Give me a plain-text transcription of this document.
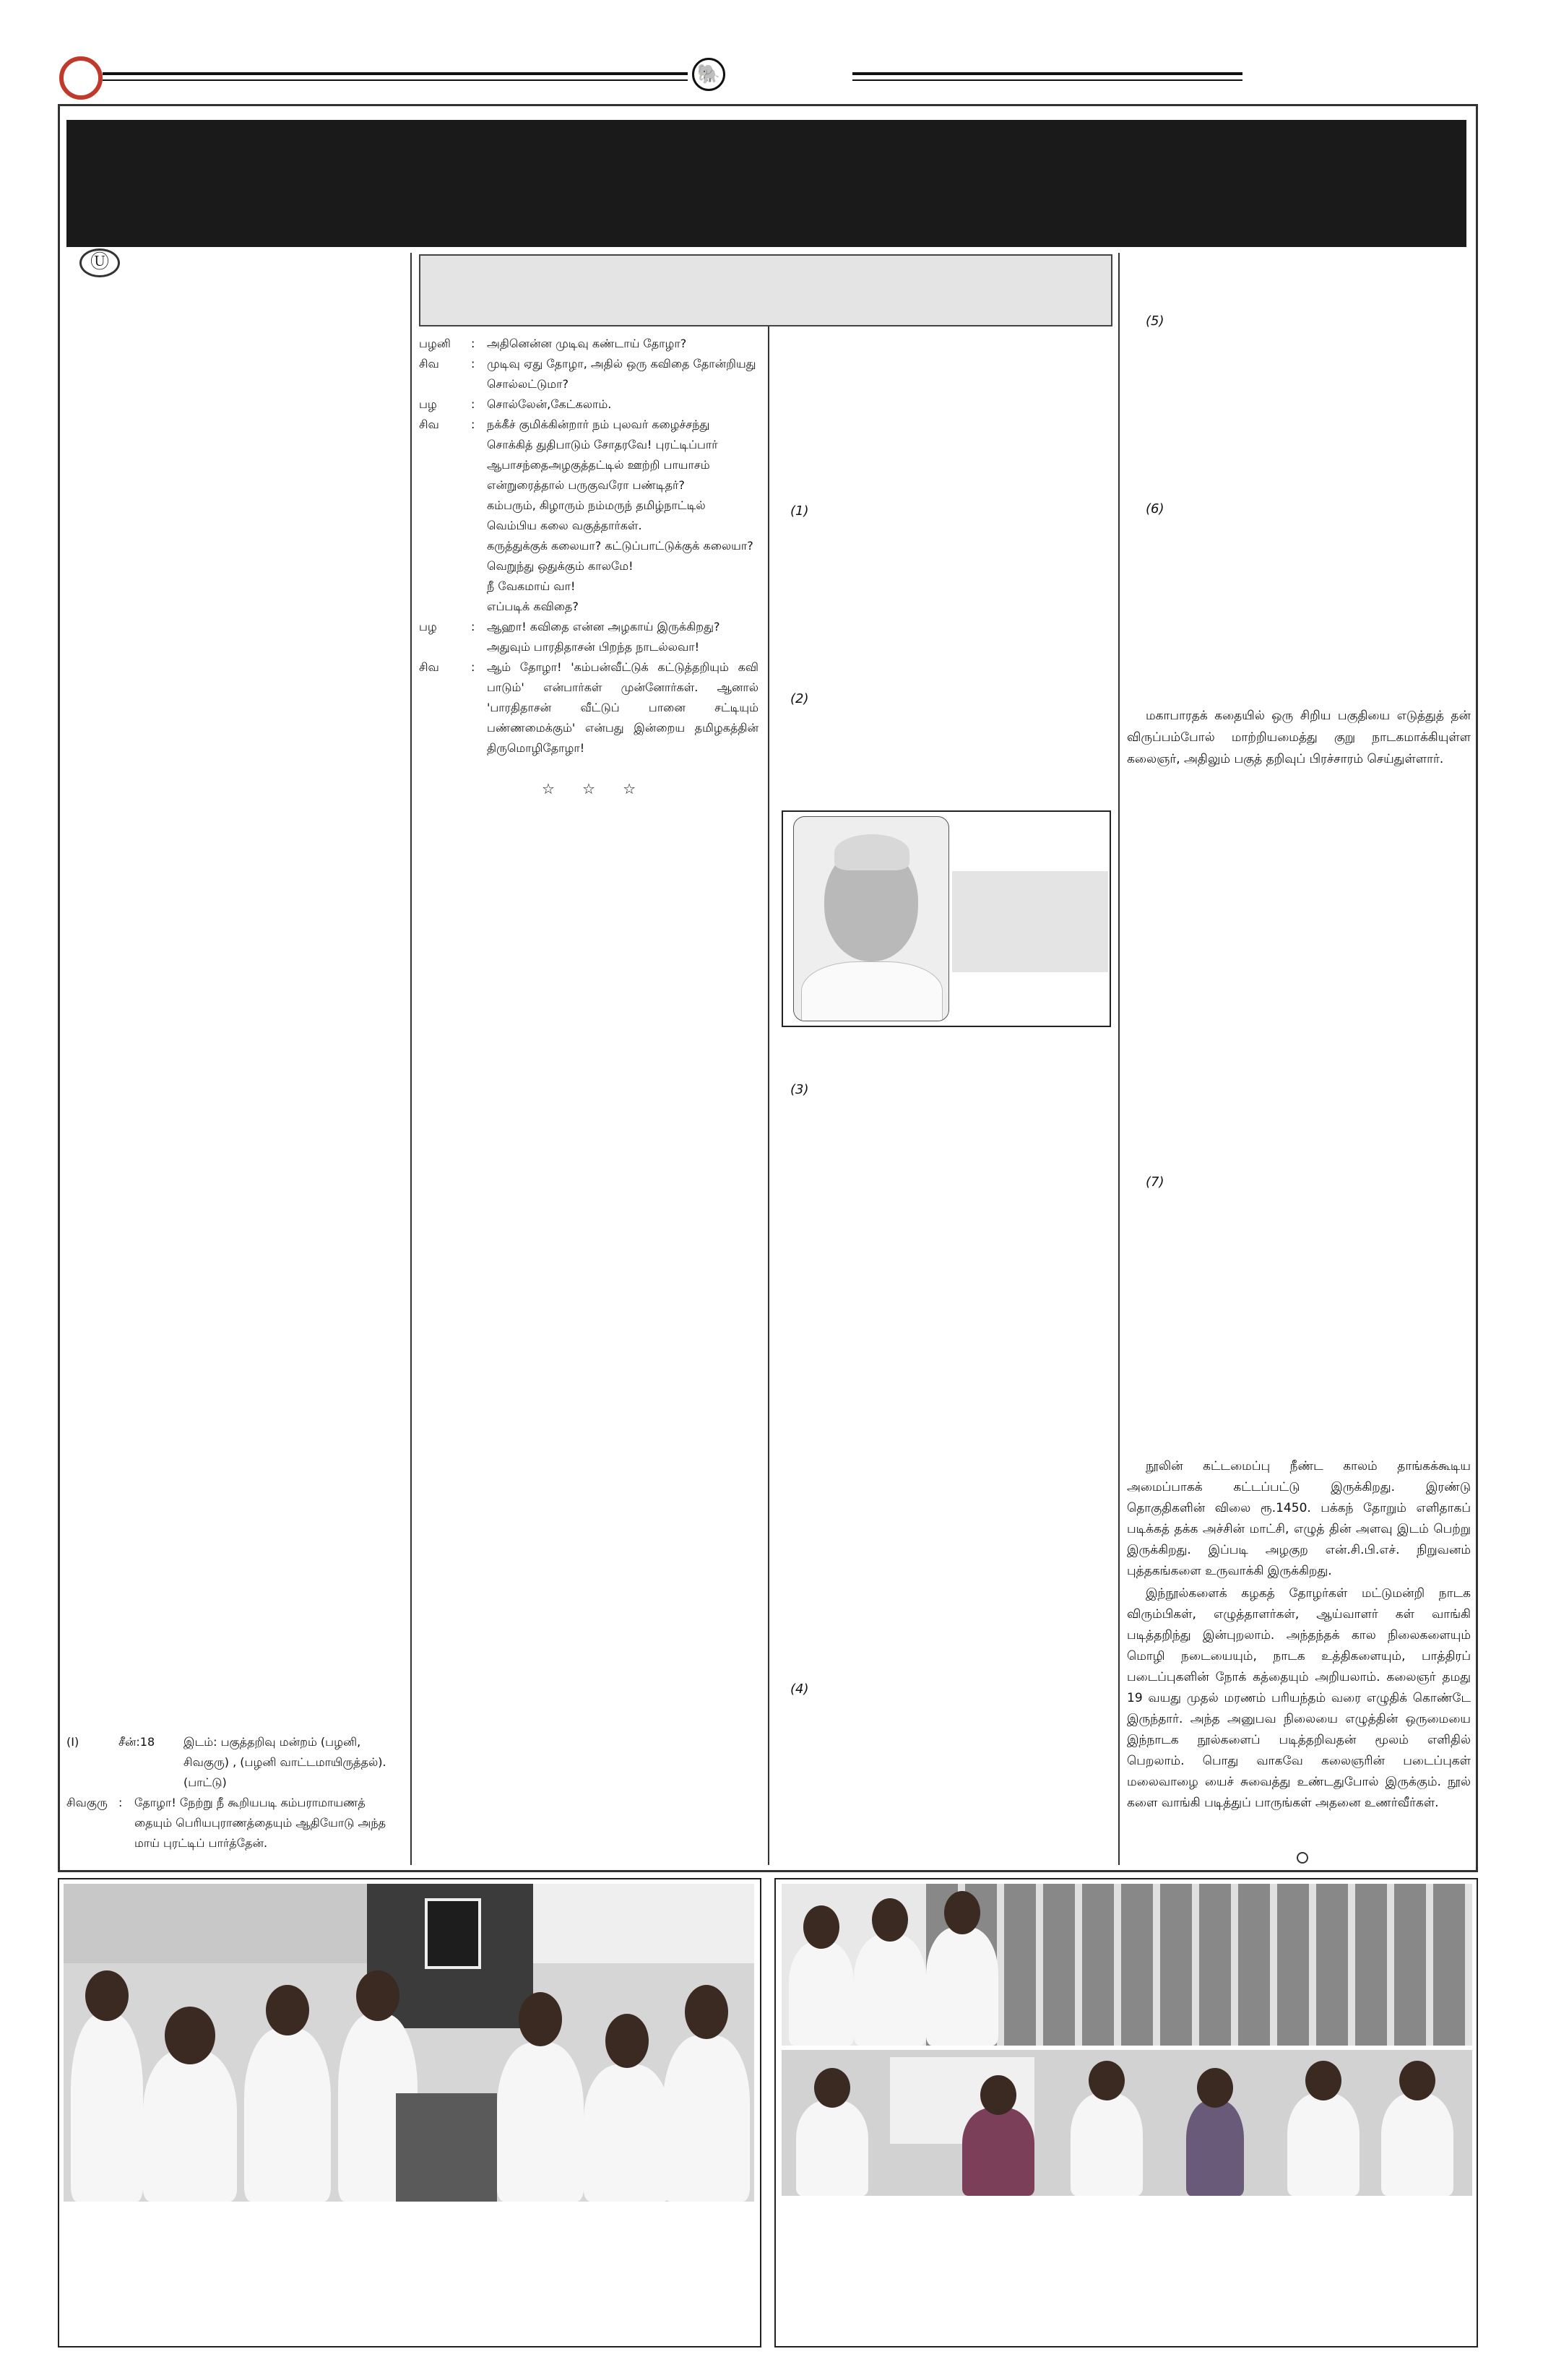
🐘
Ⓤ
(I)	சீன்:18	இடம்: பகுத்தறிவு மன்றம் (பழனி, சிவகுரு) , (பழனி வாட்டமாயிருத்தல்). (பாட்டு)
சிவகுரு :	தோழா! நேற்று நீ கூறியபடி கம்பராமாயணத் தையும் பெரியபுராணத்தையும் ஆதியோடு அந்த மாய் புரட்டிப் பார்த்தேன்.
பழனி	:	அதினென்ன முடிவு கண்டாய் தோழா?
சிவ	:	முடிவு ஏது தோழா, அதில் ஒரு கவிதை தோன்றியது சொல்லட்டுமா?
பழ	:	சொல்லேன்,கேட்கலாம்.
சிவ	:	நக்கீச் குமிக்கின்றார் நம் புலவர் கழைச்சந்து
சொக்கித் துதிபாடும் சோதரவே! புரட்டிப்பார்
ஆபாசந்தைஅழகுத்தட்டில் ஊற்றி பாயாசம்
என்றுரைத்தால் பருகுவரோ பண்டிதர்?
கம்பரும், கிழாரும் நம்மருந் தமிழ்நாட்டில்
வெம்பிய கலை வகுத்தார்கள்.
கருத்துக்குக் கலையா? கட்டுப்பாட்டுக்குக் கலையா? வெறுந்து ஒதுக்கும் காலமே!
நீ வேகமாய் வா!
எப்படிக் கவிதை?
பழ	:	ஆஹா! கவிதை என்ன அழகாய் இருக்கிறது? அதுவும் பாரதிதாசன் பிறந்த நாடல்லவா!
சிவ	:	ஆம் தோழா! 'கம்பன்வீட்டுக் கட்டுத்தறியும் கவி பாடும்' என்பார்கள் முன்னோர்கள். ஆனால் 'பாரதிதாசன் வீட்டுப் பானை சட்டியும் பண்ணமைக்கும்' என்பது இன்றைய தமிழகத்தின் திருமொழிதோழா!
☆      ☆      ☆
(1)
(2)
(3)
(4)
(5)
(6)
மகாபாரதக் கதையில் ஒரு சிறிய பகுதியை எடுத்துத் தன் விருப்பம்போல் மாற்றியமைத்து குறு நாடகமாக்கியுள்ள கலைஞர், அதிலும் பகுத் தறிவுப் பிரச்சாரம் செய்துள்ளார்.
(7)
நூலின் கட்டமைப்பு நீண்ட காலம் தாங்கக்கூடிய அமைப்பாகக் கட்டப்பட்டு இருக்கிறது. இரண்டு தொகுதிகளின் விலை ரூ.1450. பக்கந் தோறும் எளிதாகப் படிக்கத் தக்க அச்சின் மாட்சி, எழுத் தின் அளவு இடம் பெற்று இருக்கிறது. இப்படி அழகுற என்.சி.பி.எச். நிறுவனம் புத்தகங்களை உருவாக்கி இருக்கிறது.
இந்நூல்களைக் கழகத் தோழர்கள் மட்டுமன்றி நாடக விரும்பிகள், எழுத்தாளர்கள், ஆய்வாளர் கள் வாங்கி படித்தறிந்து இன்புறலாம். அந்தந்தக் கால நிலைகளையும் மொழி நடையையும், நாடக உத்திகளையும், பாத்திரப் படைப்புகளின் நோக் கத்தையும் அறியலாம். கலைஞர் தமது 19 வயது முதல் மரணம் பரியந்தம் வரை எழுதிக் கொண்டே இருந்தார். அந்த அனுபவ நிலையை எழுத்தின் ஒருமையை இந்நாடக நூல்களைப் படித்தறிவதன் மூலம் எளிதில் பெறலாம். பொது வாகவே கலைஞரின் படைப்புகள் மலைவாழை யைச் சுவைத்து உண்டதுபோல் இருக்கும். நூல் களை வாங்கி படித்துப் பாருங்கள் அதனை உணர்வீர்கள்.
